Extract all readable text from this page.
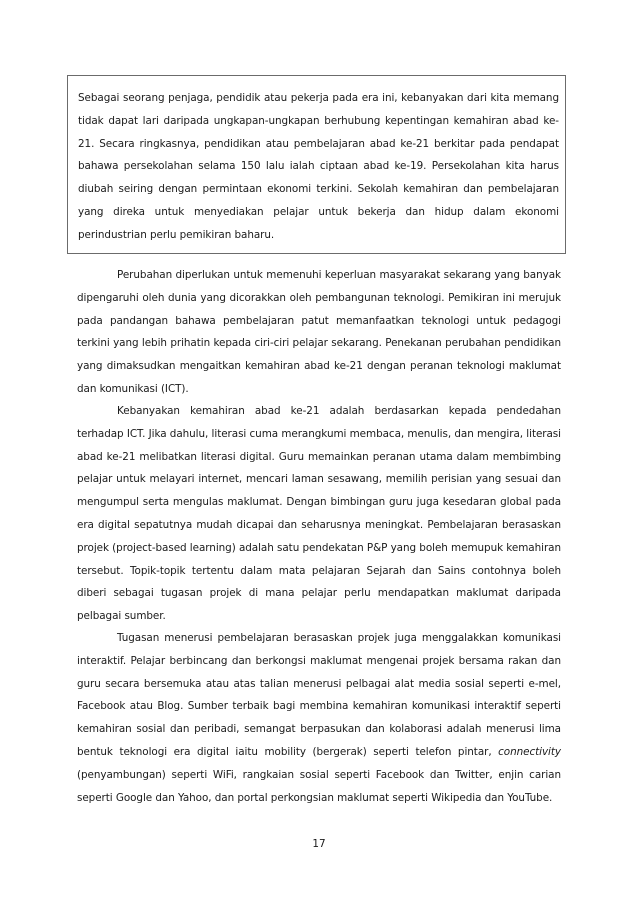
Sebagai seorang penjaga, pendidik atau pekerja pada era ini, kebanyakan dari kita memang tidak dapat lari daripada ungkapan-ungkapan berhubung kepentingan kemahiran abad ke-21. Secara ringkasnya, pendidikan atau pembelajaran abad ke-21 berkitar pada pendapat bahawa persekolahan selama 150 lalu ialah ciptaan abad ke-19. Persekolahan kita harus diubah seiring dengan permintaan ekonomi terkini. Sekolah kemahiran dan pembelajaran yang direka untuk menyediakan pelajar untuk bekerja dan hidup dalam ekonomi perindustrian perlu pemikiran baharu.

Perubahan diperlukan untuk memenuhi keperluan masyarakat sekarang yang banyak dipengaruhi oleh dunia yang dicorakkan oleh pembangunan teknologi. Pemikiran ini merujuk pada pandangan bahawa pembelajaran patut memanfaatkan teknologi untuk pedagogi terkini yang lebih prihatin kepada ciri-ciri pelajar sekarang. Penekanan perubahan pendidikan yang dimaksudkan mengaitkan kemahiran abad ke-21 dengan peranan teknologi maklumat dan komunikasi (ICT).

Kebanyakan kemahiran abad ke-21 adalah berdasarkan kepada pendedahan terhadap ICT. Jika dahulu, literasi cuma merangkumi membaca, menulis, dan mengira, literasi abad ke-21 melibatkan literasi digital. Guru memainkan peranan utama dalam membimbing pelajar untuk melayari internet, mencari laman sesawang, memilih perisian yang sesuai dan mengumpul serta mengulas maklumat. Dengan bimbingan guru juga kesedaran global pada era digital sepatutnya mudah dicapai dan seharusnya meningkat. Pembelajaran berasaskan projek (project-based learning) adalah satu pendekatan P&P yang boleh memupuk kemahiran tersebut. Topik-topik tertentu dalam mata pelajaran Sejarah dan Sains contohnya boleh diberi sebagai tugasan projek di mana pelajar perlu mendapatkan maklumat daripada pelbagai sumber.

Tugasan menerusi pembelajaran berasaskan projek juga menggalakkan komunikasi interaktif. Pelajar berbincang dan berkongsi maklumat mengenai projek bersama rakan dan guru secara bersemuka atau atas talian menerusi pelbagai alat media sosial seperti e-mel, Facebook atau Blog. Sumber terbaik bagi membina kemahiran komunikasi interaktif seperti kemahiran sosial dan peribadi, semangat berpasukan dan kolaborasi adalah menerusi lima bentuk teknologi era digital iaitu mobility (bergerak) seperti telefon pintar, connectivity (penyambungan) seperti WiFi, rangkaian sosial seperti Facebook dan Twitter, enjin carian seperti Google dan Yahoo, dan portal perkongsian maklumat seperti Wikipedia dan YouTube.

17
